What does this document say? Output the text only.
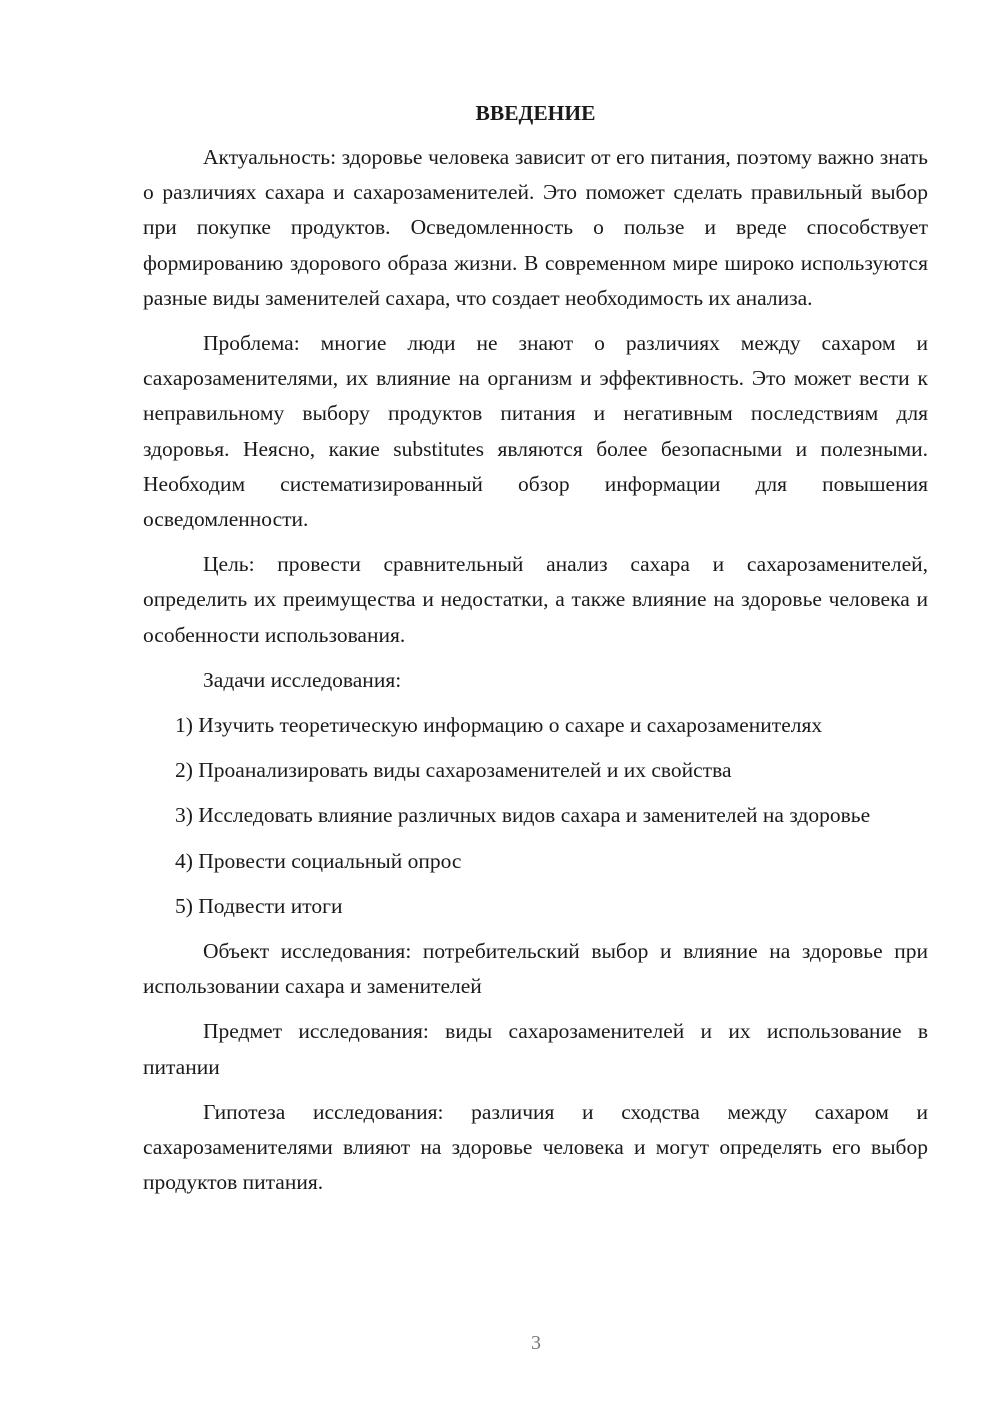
ВВЕДЕНИЕ

Актуальность: здоровье человека зависит от его питания, поэтому важно знать о различиях сахара и сахарозаменителей. Это поможет сделать правильный выбор при покупке продуктов. Осведомленность о пользе и вреде способствует формированию здорового образа жизни. В современном мире широко используются разные виды заменителей сахара, что создает необходимость их анализа.

Проблема: многие люди не знают о различиях между сахаром и сахарозаменителями, их влияние на организм и эффективность. Это может вести к неправильному выбору продуктов питания и негативным последствиям для здоровья. Неясно, какие substitutes являются более безопасными и полезными. Необходим систематизированный обзор информации для повышения осведомленности.

Цель: провести сравнительный анализ сахара и сахарозаменителей, определить их преимущества и недостатки, а также влияние на здоровье человека и особенности использования.

Задачи исследования:

1) Изучить теоретическую информацию о сахаре и сахарозаменителях

2) Проанализировать виды сахарозаменителей и их свойства

3) Исследовать влияние различных видов сахара и заменителей на здоровье

4) Провести социальный опрос

5) Подвести итоги

Объект исследования: потребительский выбор и влияние на здоровье при использовании сахара и заменителей

Предмет исследования: виды сахарозаменителей и их использование в питании

Гипотеза исследования: различия и сходства между сахаром и сахарозаменителями влияют на здоровье человека и могут определять его выбор продуктов питания.

3
